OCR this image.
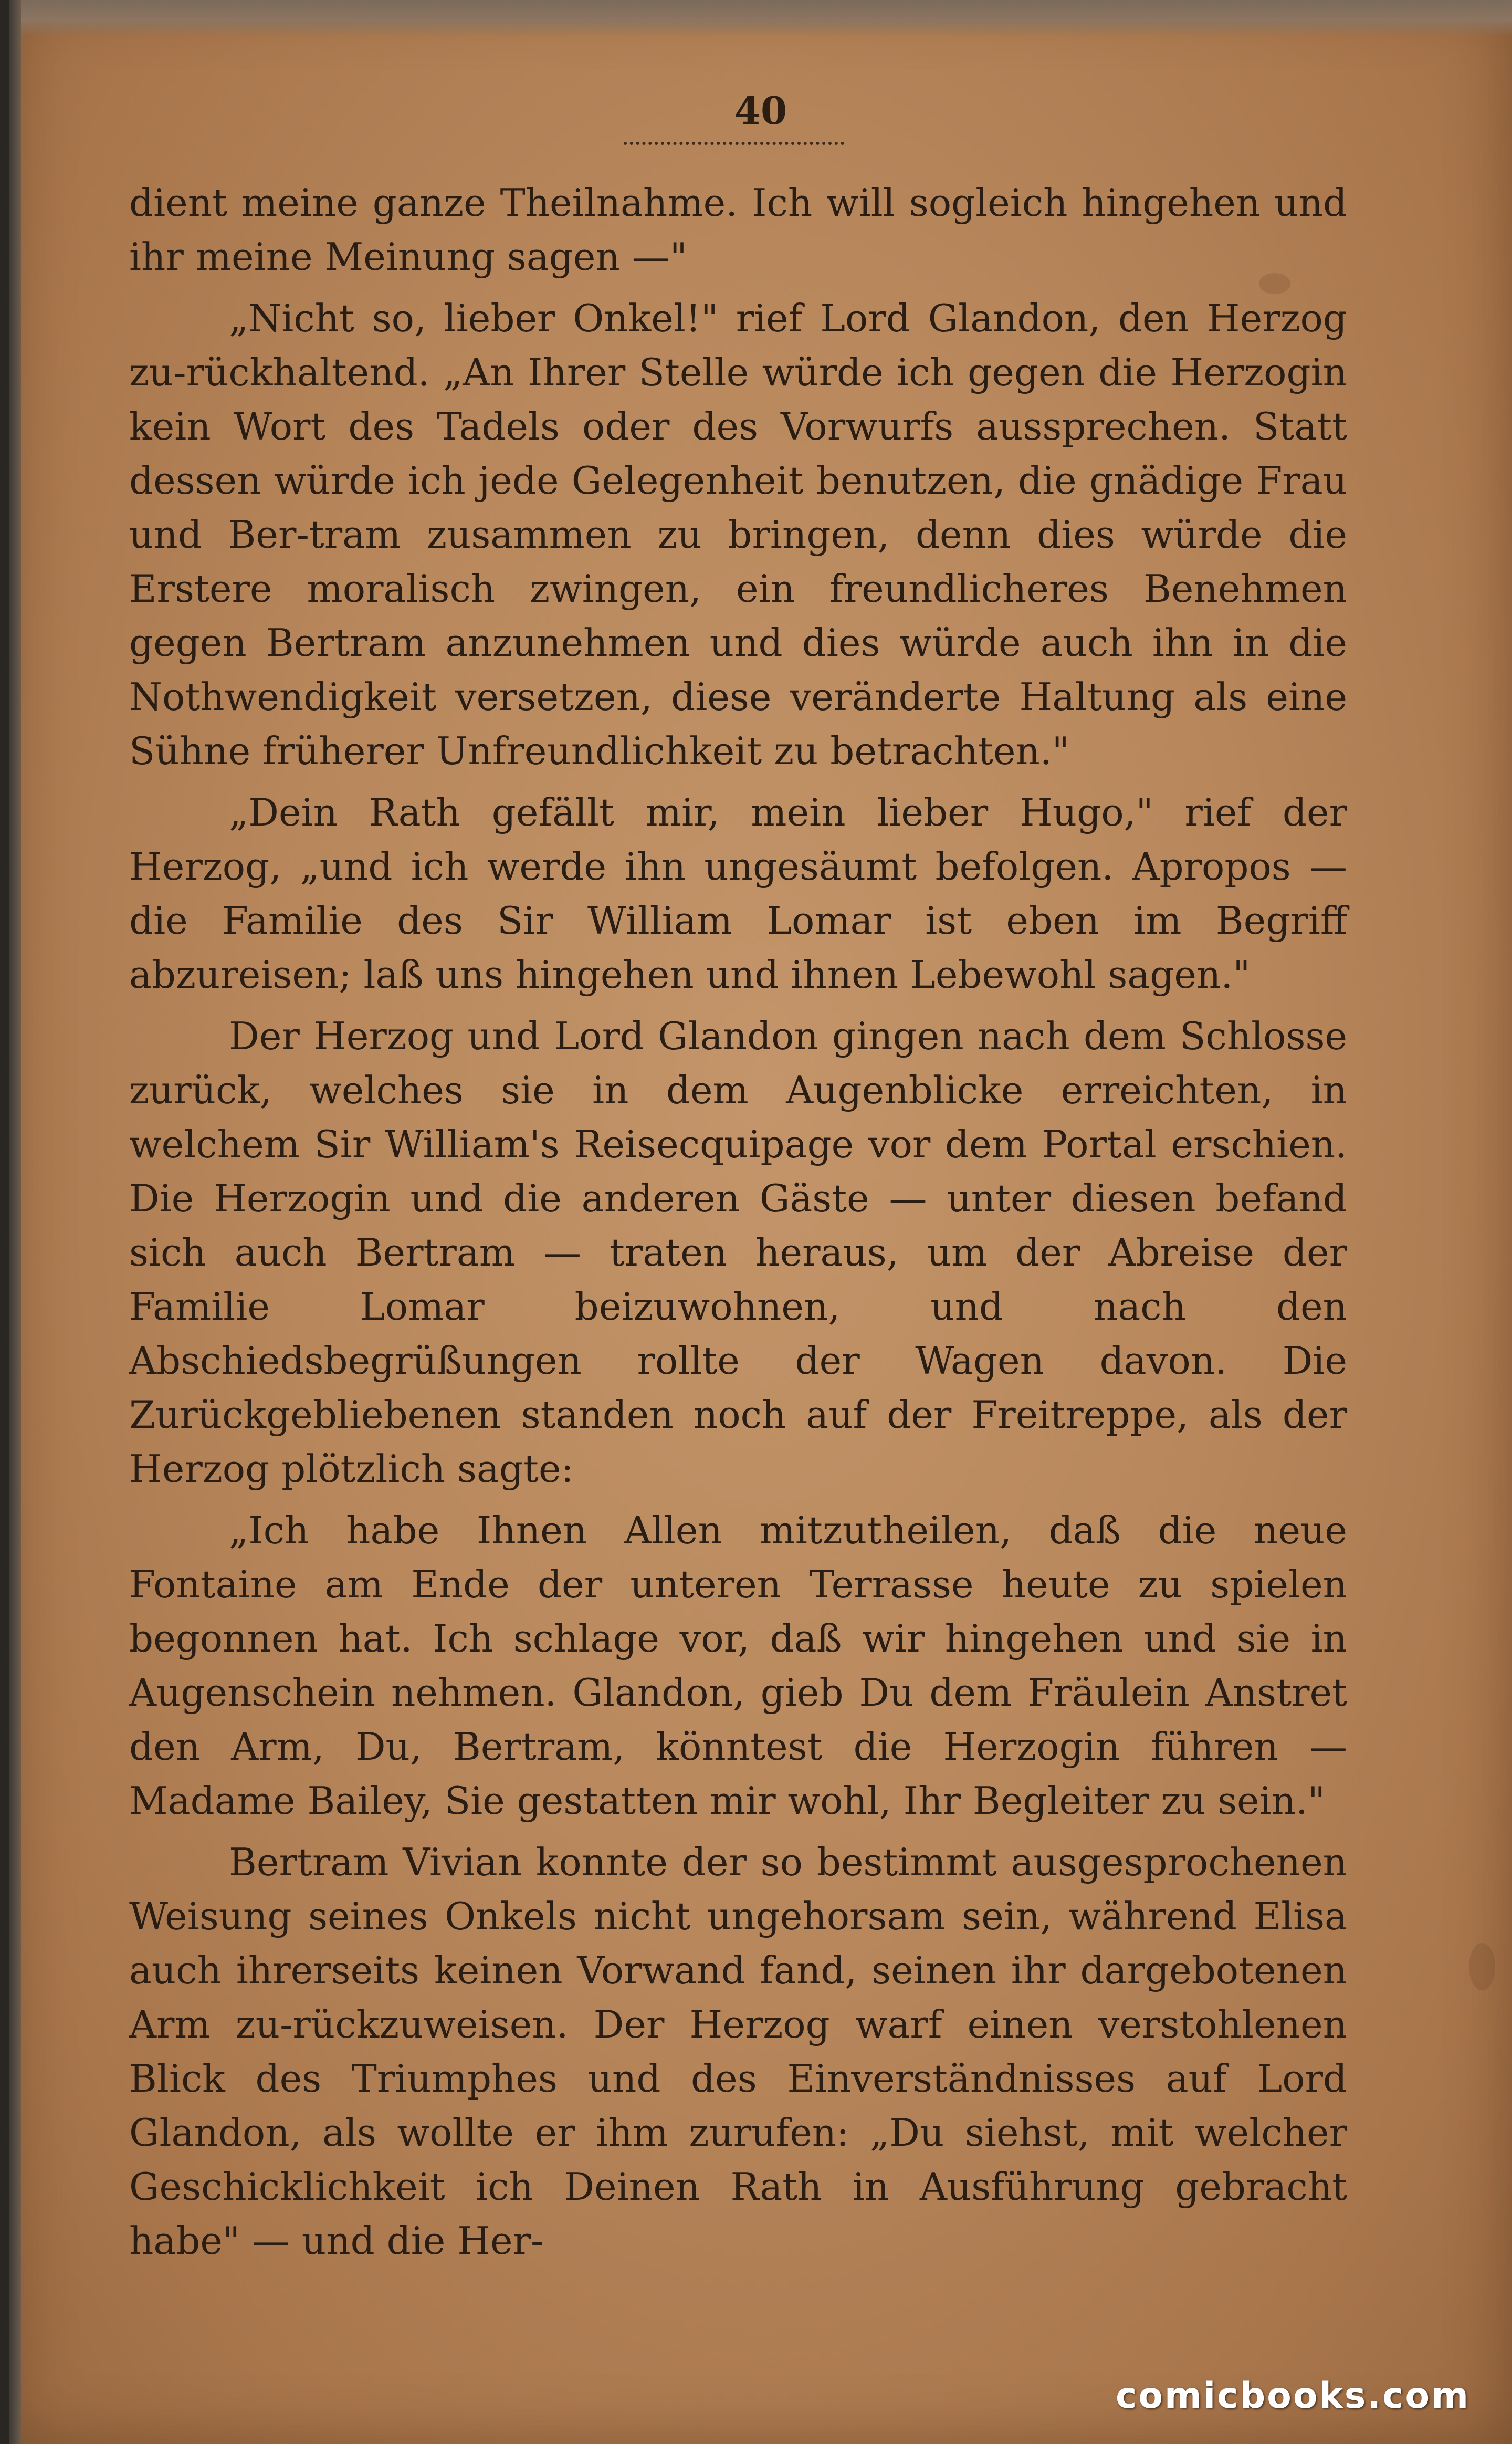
40

dient meine ganze Theilnahme. Ich will sogleich hingehen und ihr meine Meinung sagen —"

„Nicht so, lieber Onkel!" rief Lord Glandon, den Herzog zu-rückhaltend. „An Ihrer Stelle würde ich gegen die Herzogin kein Wort des Tadels oder des Vorwurfs aussprechen. Statt dessen würde ich jede Gelegenheit benutzen, die gnädige Frau und Ber-tram zusammen zu bringen, denn dies würde die Erstere moralisch zwingen, ein freundlicheres Benehmen gegen Bertram anzunehmen und dies würde auch ihn in die Nothwendigkeit versetzen, diese veränderte Haltung als eine Sühne früherer Unfreundlichkeit zu betrachten."

„Dein Rath gefällt mir, mein lieber Hugo," rief der Herzog, „und ich werde ihn ungesäumt befolgen. Apropos — die Familie des Sir William Lomar ist eben im Begriff abzureisen; laß uns hingehen und ihnen Lebewohl sagen."

Der Herzog und Lord Glandon gingen nach dem Schlosse zurück, welches sie in dem Augenblicke erreichten, in welchem Sir William's Reisecquipage vor dem Portal erschien. Die Herzogin und die anderen Gäste — unter diesen befand sich auch Bertram — traten heraus, um der Abreise der Familie Lomar beizuwohnen, und nach den Abschiedsbegrüßungen rollte der Wagen davon. Die Zurückgebliebenen standen noch auf der Freitreppe, als der Herzog plötzlich sagte:

„Ich habe Ihnen Allen mitzutheilen, daß die neue Fontaine am Ende der unteren Terrasse heute zu spielen begonnen hat. Ich schlage vor, daß wir hingehen und sie in Augenschein nehmen. Glandon, gieb Du dem Fräulein Anstret den Arm, Du, Bertram, könntest die Herzogin führen — Madame Bailey, Sie gestatten mir wohl, Ihr Begleiter zu sein."

Bertram Vivian konnte der so bestimmt ausgesprochenen Weisung seines Onkels nicht ungehorsam sein, während Elisa auch ihrerseits keinen Vorwand fand, seinen ihr dargebotenen Arm zu-rückzuweisen. Der Herzog warf einen verstohlenen Blick des Triumphes und des Einverständnisses auf Lord Glandon, als wollte er ihm zurufen: „Du siehst, mit welcher Geschicklichkeit ich Deinen Rath in Ausführung gebracht habe" — und die Her-

comicbooks.com
